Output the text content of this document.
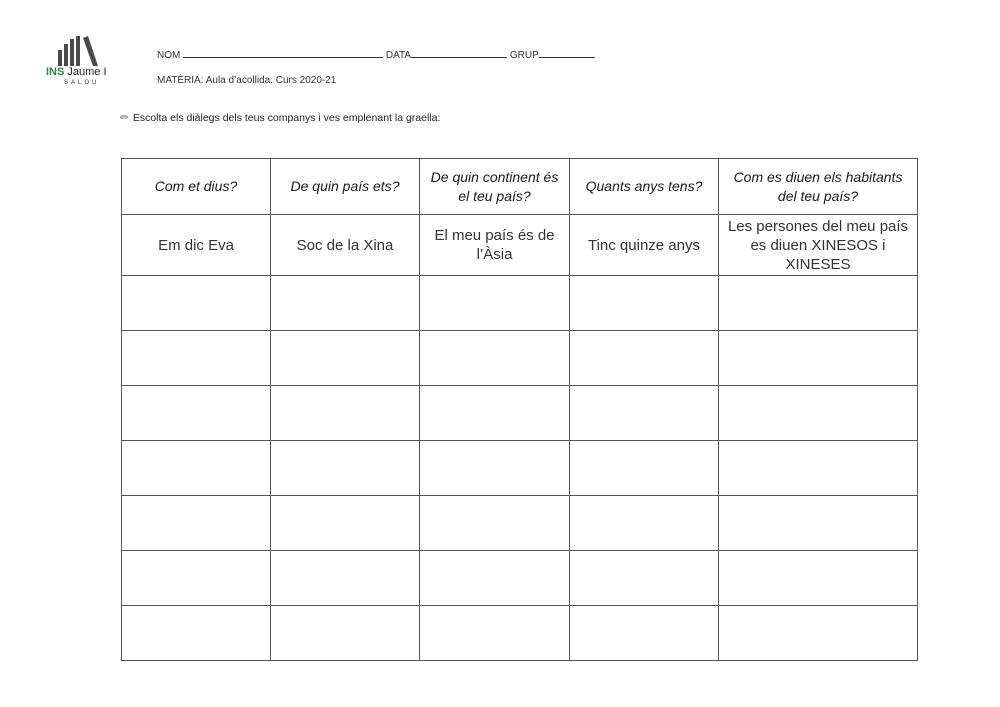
INS Jaume I
SALOU
NOM	DATA	GRUP
MATÈRIA: Aula d’acollida. Curs 2020-21
✏ Escolta els diàlegs dels teus companys i ves emplenant la graella:
Com et dius?	De quin país ets?	De quin continent és el teu país?	Quants anys tens?	Com es diuen els habitants del teu país?
Em dic Eva	Soc de la Xina	El meu país és de l’Àsia	Tinc quinze anys	Les persones del meu país es diuen XINESOS i XINESES
